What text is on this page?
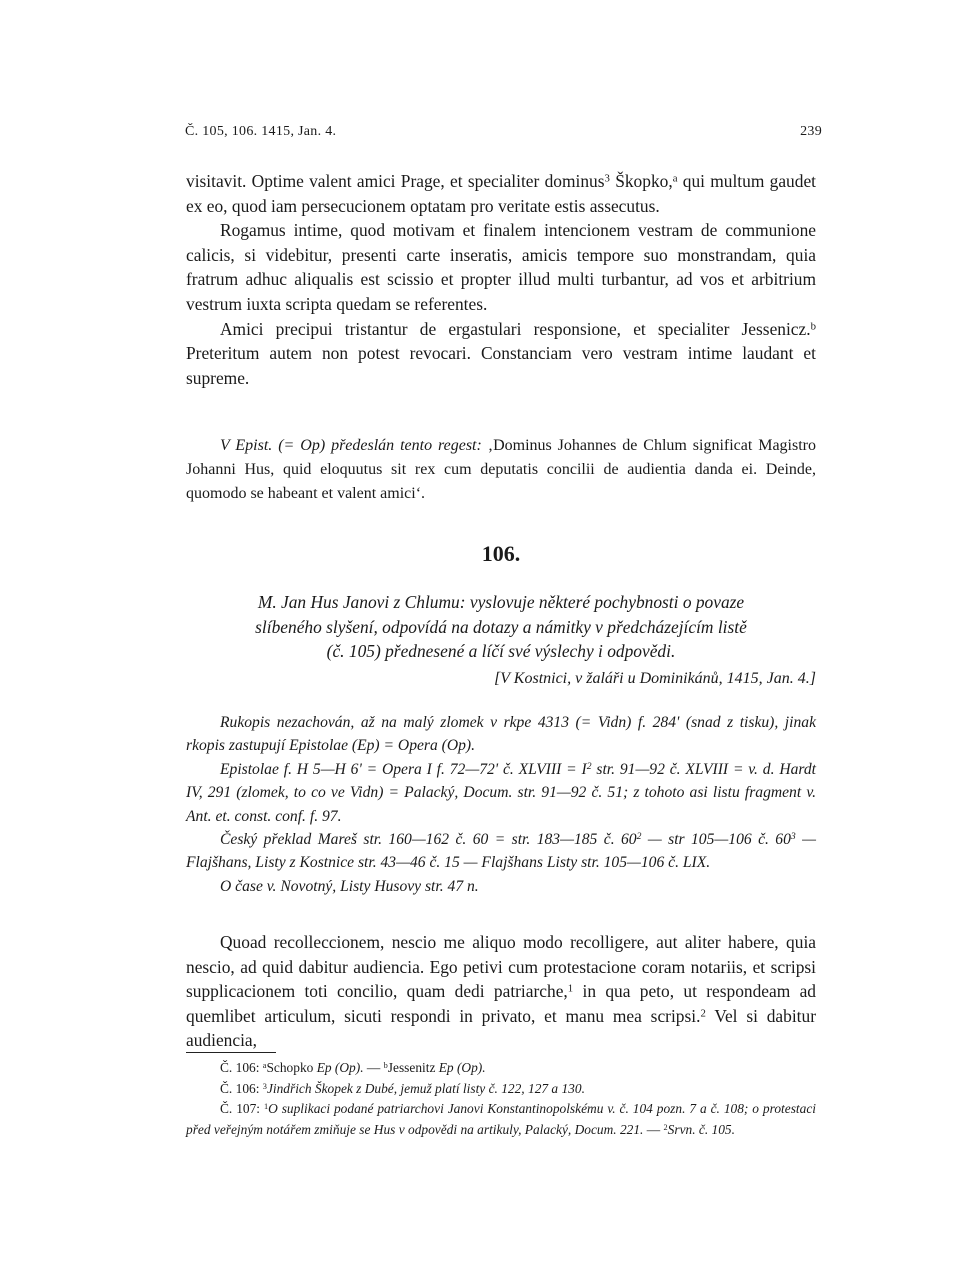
Č. 105, 106. 1415, Jan. 4.	239

visitavit. Optime valent amici Prage, et specialiter dominus$^3$ Škopko,$^a$ qui multum gaudet ex eo, quod iam persecucionem optatam pro veritate estis assecutus.

Rogamus intime, quod motivam et finalem intencionem vestram de communione calicis, si videbitur, presenti carte inseratis, amicis tempore suo monstrandam, quia fratrum adhuc aliqualis est scissio et propter illud multi turbantur, ad vos et arbitrium vestrum iuxta scripta quedam se referentes.

Amici precipui tristantur de ergastulari responsione, et specialiter Jessenicz.$^b$ Preteritum autem non potest revocari. Constanciam vero vestram intime laudant et supreme.

V Epist. (= Op) předeslán tento regest: ‚Dominus Johannes de Chlum significat Magistro Johanni Hus, quid eloquutus sit rex cum deputatis concilii de audientia danda ei. Deinde, quomodo se habeant et valent amici‘.

106.

M. Jan Hus Janovi z Chlumu: vyslovuje některé pochybnosti o povaze

slíbeného slyšení, odpovídá na dotazy a námitky v předcházejícím listě

(č. 105) přednesené a líčí své výslechy i odpovědi.

[V Kostnici, v žaláři u Dominikánů, 1415, Jan. 4.]

Rukopis nezachován, až na malý zlomek v rkpe 4313 (= Vidn) f. 284' (snad z tisku), jinak rkopis zastupují Epistolae (Ep) = Opera (Op).

Epistolae f. H 5—H 6' = Opera I f. 72—72' č. XLVIII = $I^2$ str. 91—92 č. XLVIII = v. d. Hardt IV, 291 (zlomek, to co ve Vidn) = Palacký, Docum. str. 91—92 č. 51; z tohoto asi listu fragment v. Ant. et. const. conf. f. 97.

Český překlad Mareš str. 160—162 č. 60 = str. 183—185 č. $60^2$ — str 105—106 č. $60^3$ — Flajšhans, Listy z Kostnice str. 43—46 č. 15 — Flajšhans Listy str. 105—106 č. LIX.

O čase v. Novotný, Listy Husovy str. 47 n.

Quoad recolleccionem, nescio me aliquo modo recolligere, aut aliter habere, quia nescio, ad quid dabitur audiencia. Ego petivi cum protestacione coram notariis, et scripsi supplicacionem toti concilio, quam dedi patriarche,$^1$ in qua peto, ut respondeam ad quemlibet articulum, sicuti respondi in privato, et manu mea scripsi.$^2$ Vel si dabitur audiencia,

Č. 106: $^a$Schopko Ep (Op). — $^b$Jessenitz Ep (Op).

Č. 106: $^3$Jindřich Škopek z Dubé, jemuž platí listy č. 122, 127 a 130.

Č. 107: $^1$O suplikaci podané patriarchovi Janovi Konstantinopolskému v. č. 104 pozn. 7 a č. 108; o protestaci před veřejným notářem zmiňuje se Hus v odpovědi na artikuly, Palacký, Docum. 221. — $^2$Srvn. č. 105.
